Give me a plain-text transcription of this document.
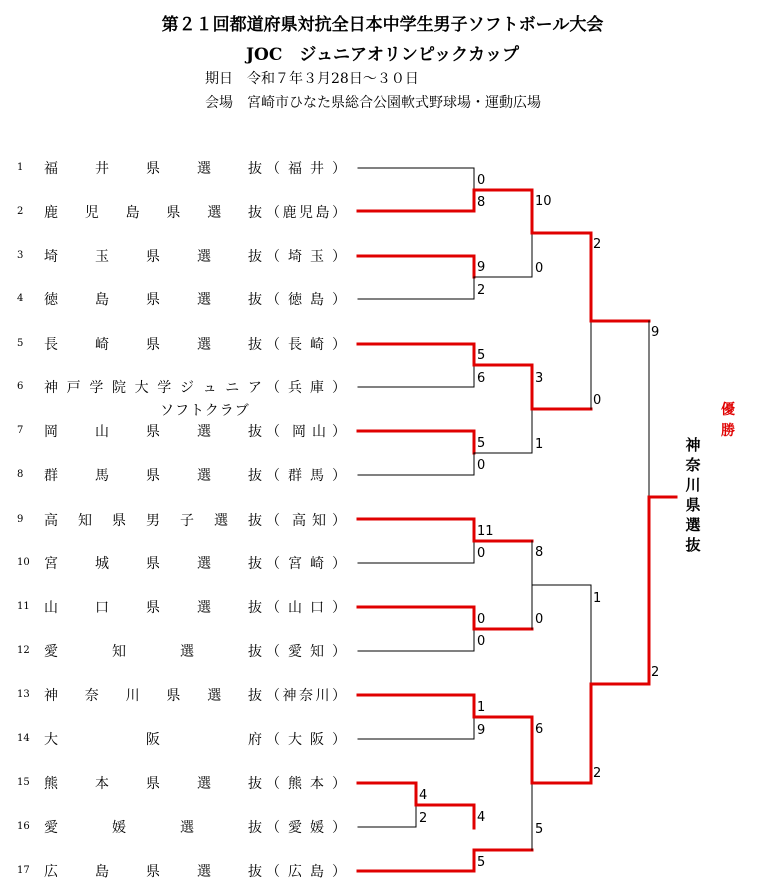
第２１回都道府県対抗全日本中学生男子ソフトボール大会
JOC　ジュニアオリンピックカップ
期日　令和７年３月28日～３０日
会場　宮崎市ひなた県総合公園軟式野球場・運動広場
1	福	井	県	選	抜 （ 福 井 ）
2	鹿 児 島 県 選 抜 （ 鹿 児 島 ）
3	埼	玉	県	選	抜 （ 埼 玉 ）
4	徳	島	県	選	抜 （ 徳 島 ）
5	長	崎	県	選	抜 （ 長 崎 ）
6	神 戸 学 院 大 学 ジ ュ ニ ア （ 兵 庫 ）
7	岡	山	県	選	抜 （ 岡 山 ）
8	群	馬	県	選	抜 （ 群 馬 ）
9	高 知 県 男 子 選 抜 （ 高 知 ）
10 宮	城	県	選	抜 （ 宮 崎 ）
11 山	口	県	選	抜 （ 山 口 ）
12 愛	知	選	抜 （ 愛 知 ）
13 神 奈 川 県 選 抜 （ 神 奈 川 ）
14 大	阪	府 （ 大 阪 ）
15 熊	本	県	選	抜 （ 熊 本 ）
16 愛	媛	選	抜 （ 愛 媛 ）
17 広	島	県	選	抜 （ 広 島 ）
ソフトクラブ
0
8	10
9
2
0
2
9
5
6	3
0
5
0
1
11
0	8
1
0
0
0
2
1
9	6
4
2	4
5
5
2
優
勝
神
奈
川
県
選
抜
